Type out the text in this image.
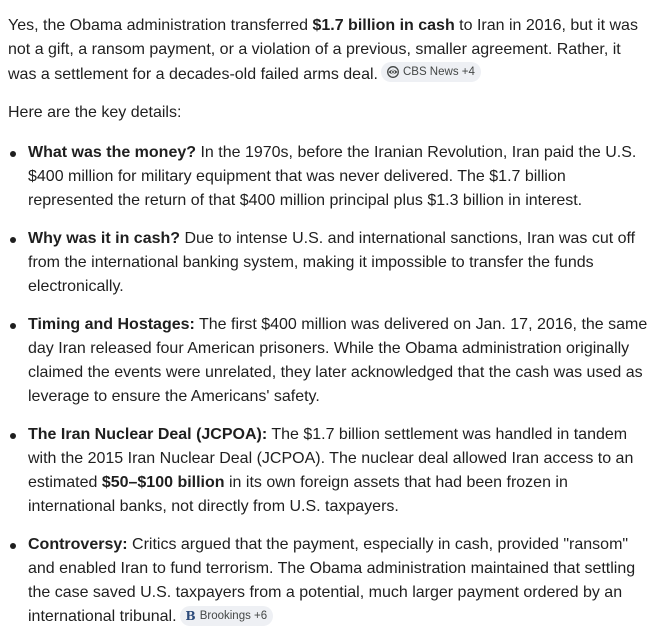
Yes, the Obama administration transferred $1.7 billion in cash to Iran in 2016, but it was not a gift, a ransom payment, or a violation of a previous, smaller agreement. Rather, it was a settlement for a decades-old failed arms deal. CBS News +4

Here are the key details:

What was the money? In the 1970s, before the Iranian Revolution, Iran paid the U.S. $400 million for military equipment that was never delivered. The $1.7 billion represented the return of that $400 million principal plus $1.3 billion in interest.
Why was it in cash? Due to intense U.S. and international sanctions, Iran was cut off from the international banking system, making it impossible to transfer the funds electronically.
Timing and Hostages: The first $400 million was delivered on Jan. 17, 2016, the same day Iran released four American prisoners. While the Obama administration originally claimed the events were unrelated, they later acknowledged that the cash was used as leverage to ensure the Americans' safety.
The Iran Nuclear Deal (JCPOA): The $1.7 billion settlement was handled in tandem with the 2015 Iran Nuclear Deal (JCPOA). The nuclear deal allowed Iran access to an estimated $50–$100 billion in its own foreign assets that had been frozen in international banks, not directly from U.S. taxpayers.
Controversy: Critics argued that the payment, especially in cash, provided "ransom" and enabled Iran to fund terrorism. The Obama administration maintained that settling the case saved U.S. taxpayers from a potential, much larger payment ordered by an international tribunal. B Brookings +6
